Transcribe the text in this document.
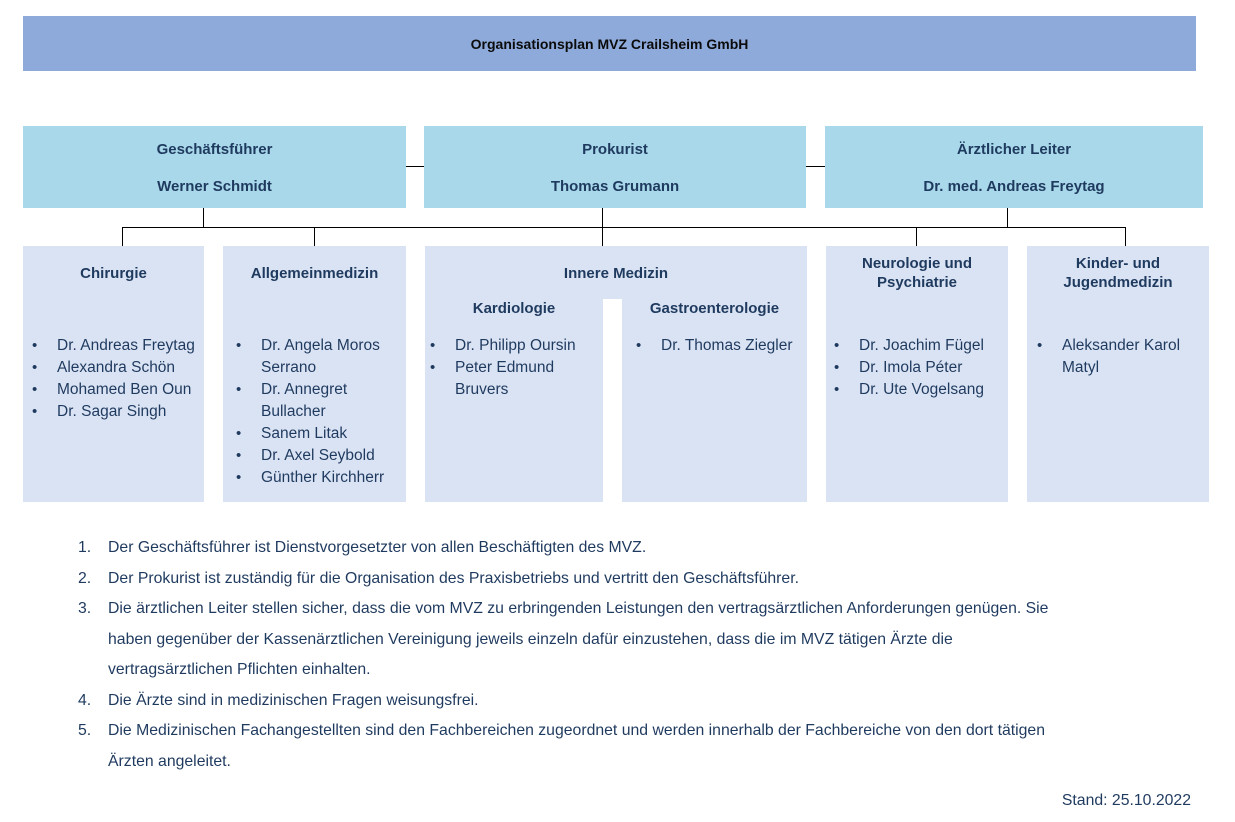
Organisationsplan MVZ Crailsheim GmbH
Geschäftsführer
Werner Schmidt
Prokurist
Thomas Grumann
Ärztlicher Leiter
Dr. med. Andreas Freytag
Chirurgie
• Dr. Andreas Freytag
• Alexandra Schön
• Mohamed Ben Oun
• Dr. Sagar Singh
Allgemeinmedizin
• Dr. Angela Moros Serrano
• Dr. Annegret Bullacher
• Sanem Litak
• Dr. Axel Seybold
• Günther Kirchherr
Innere Medizin
Kardiologie	Gastroenterologie
• Dr. Philipp Oursin
• Peter Edmund Bruvers
• Dr. Thomas Ziegler
Neurologie und
Psychiatrie
• Dr. Joachim Fügel
• Dr. Imola Péter
• Dr. Ute Vogelsang
Kinder- und
Jugendmedizin
• Aleksander Karol Matyl
1. Der Geschäftsführer ist Dienstvorgesetzter von allen Beschäftigten des MVZ.
2. Der Prokurist ist zuständig für die Organisation des Praxisbetriebs und vertritt den Geschäftsführer.
3. Die ärztlichen Leiter stellen sicher, dass die vom MVZ zu erbringenden Leistungen den vertragsärztlichen Anforderungen genügen. Sie
haben gegenüber der Kassenärztlichen Vereinigung jeweils einzeln dafür einzustehen, dass die im MVZ tätigen Ärzte die
vertragsärztlichen Pflichten einhalten.
4. Die Ärzte sind in medizinischen Fragen weisungsfrei.
5. Die Medizinischen Fachangestellten sind den Fachbereichen zugeordnet und werden innerhalb der Fachbereiche von den dort tätigen
Ärzten angeleitet.
Stand: 25.10.2022
